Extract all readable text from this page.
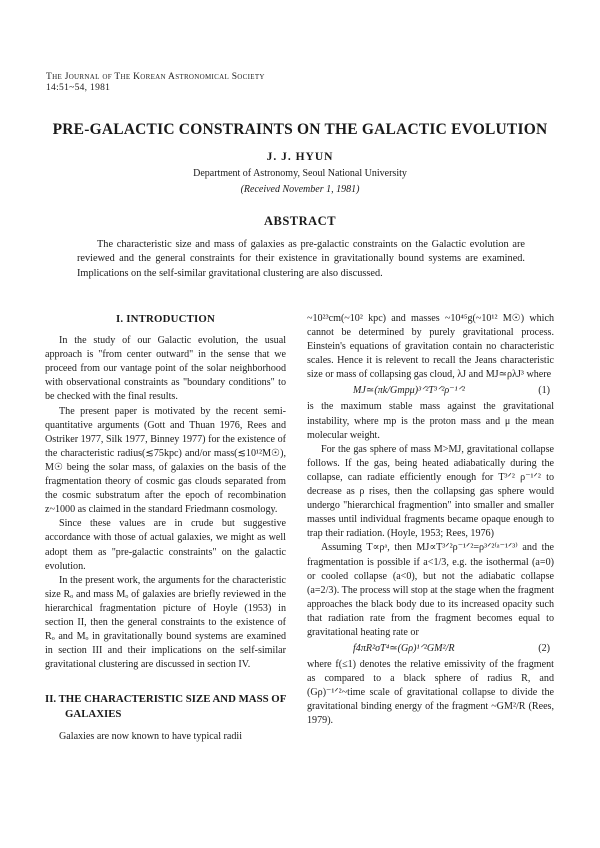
The Journal of The Korean Astronomical Society
14:51~54, 1981
PRE-GALACTIC CONSTRAINTS ON THE GALACTIC EVOLUTION
J. J. HYUN
Department of Astronomy, Seoul National University
(Received November 1, 1981)
ABSTRACT

The characteristic size and mass of galaxies as pre-galactic constraints on the Galactic evolution are reviewed and the general constraints for their existence in gravitationally bound systems are examined. Implications on the self-similar gravitational clustering are also discussed.

I. INTRODUCTION

In the study of our Galactic evolution, the usual approach is "from center outward" in the sense that we proceed from our vantage point of the solar neighborhood with observational constraints as "boundary conditions" to be checked with the final results.

The present paper is motivated by the recent semi-quantitative arguments (Gott and Thuan 1976, Rees and Ostriker 1977, Silk 1977, Binney 1977) for the existence of the characteristic radius(≲75kpc) and/or mass(≲10¹²M☉), M☉ being the solar mass, of galaxies on the basis of the fragmentation theory of cosmic gas clouds separated from the cosmic substratum after the epoch of recombination z~1000 as claimed in the standard Friedmann cosmology.

Since these values are in crude but suggestive accordance with those of actual galaxies, we might as well adopt them as "pre-galactic constraints" on the galactic evolution.

In the present work, the arguments for the characteristic size Rₒ and mass Mₒ of galaxies are briefly reviewed in the hierarchical fragmentation picture of Hoyle (1953) in section II, then the general constraints to the existence of Rₒ and Mₒ in gravitationally bound systems are examined in section III and their implications on the self-similar gravitational clustering are discussed in section IV.

II. THE CHARACTERISTIC SIZE AND MASS OF GALAXIES

Galaxies are now known to have typical radii

~10²³cm(~10² kpc) and masses ~10⁴⁵g(~10¹² M☉) which cannot be determined by purely gravitational process. Einstein's equations of gravitation contain no characteristic scales. Hence it is relevent to recall the Jeans characteristic size or mass of collapsing gas cloud, λJ and MJ≃ρλJ³ where

MJ≃(πk/Gmpμ)³ᐟ²T³ᐟ²ρ⁻¹ᐟ²	(1)

is the maximum stable mass against the gravitational instability, where mp is the proton mass and μ the mean molecular weight.

For the gas sphere of mass M>MJ, gravitational collapse follows. If the gas, being heated adiabatically during the collapse, can radiate efficiently enough for T³ᐟ² ρ⁻¹ᐟ² to decrease as ρ rises, then the collapsing gas sphere would undergo "hierarchical fragmention" into smaller and smaller masses until individual fragments became opaque enough to trap their radiation. (Hoyle, 1953; Rees, 1976)

Assuming T∝ρᵃ, then MJ∝T³ᐟ²ρ⁻¹ᐟ²=ρ³ᐟ²⁽ᵃ⁻¹ᐟ³⁾ and the fragmentation is possible if a<1/3, e.g. the isothermal (a=0) or cooled collapse (a<0), but not the adiabatic collapse (a=2/3). The process will stop at the stage when the fragment approaches the black body due to its increased opacity such that radiation rate from the fragment becomes equal to gravitational heating rate or

f4πR²σT⁴≃(Gρ)¹ᐟ²GM²/R	(2)

where f(≤1) denotes the relative emissivity of the fragment as compared to a black sphere of radius R, and (Gρ)⁻¹ᐟ²~time scale of gravitational collapse to divide the gravitational binding energy of the fragment ~GM²/R (Rees, 1979).
